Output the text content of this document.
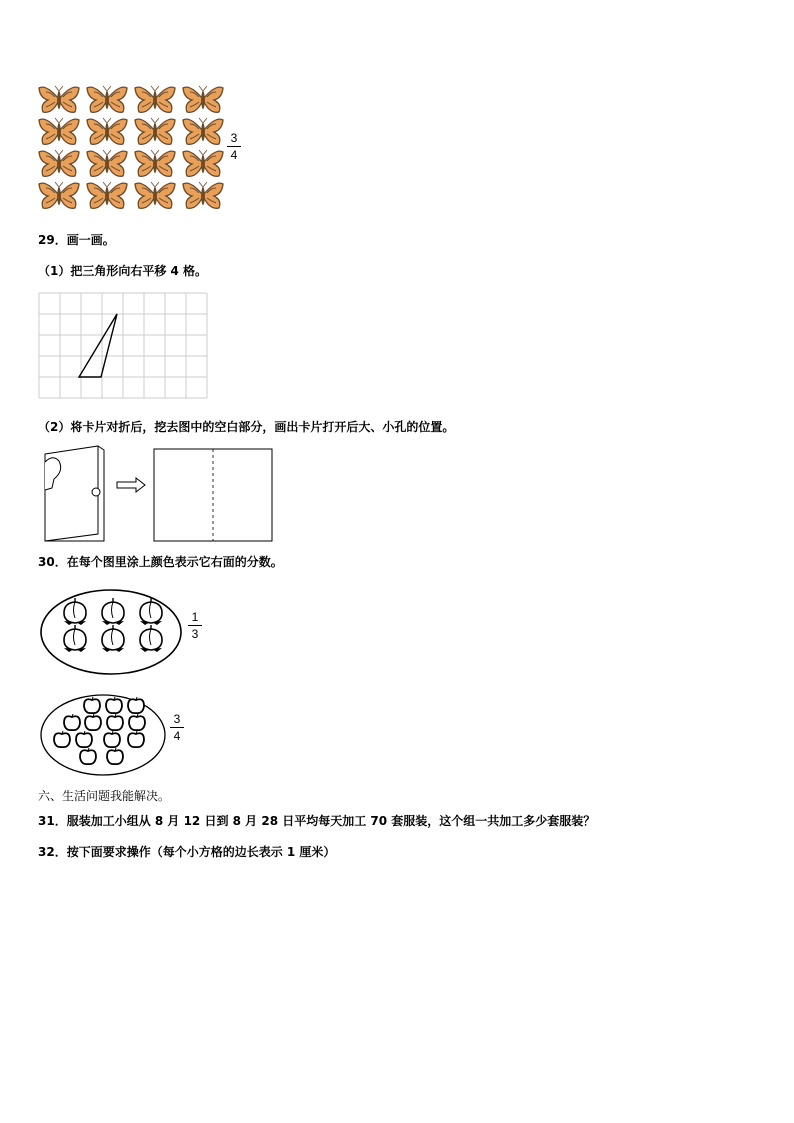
3
4
29．画一画。
（1）把三角形向右平移 4 格。
（2）将卡片对折后，挖去图中的空白部分，画出卡片打开后大、小孔的位置。
30．在每个图里涂上颜色表示它右面的分数。
1
3
3
4
六、生活问题我能解决。
31．服装加工小组从 8 月 12 日到 8 月 28 日平均每天加工 70 套服装，这个组一共加工多少套服装？
32．按下面要求操作（每个小方格的边长表示 1 厘米）
